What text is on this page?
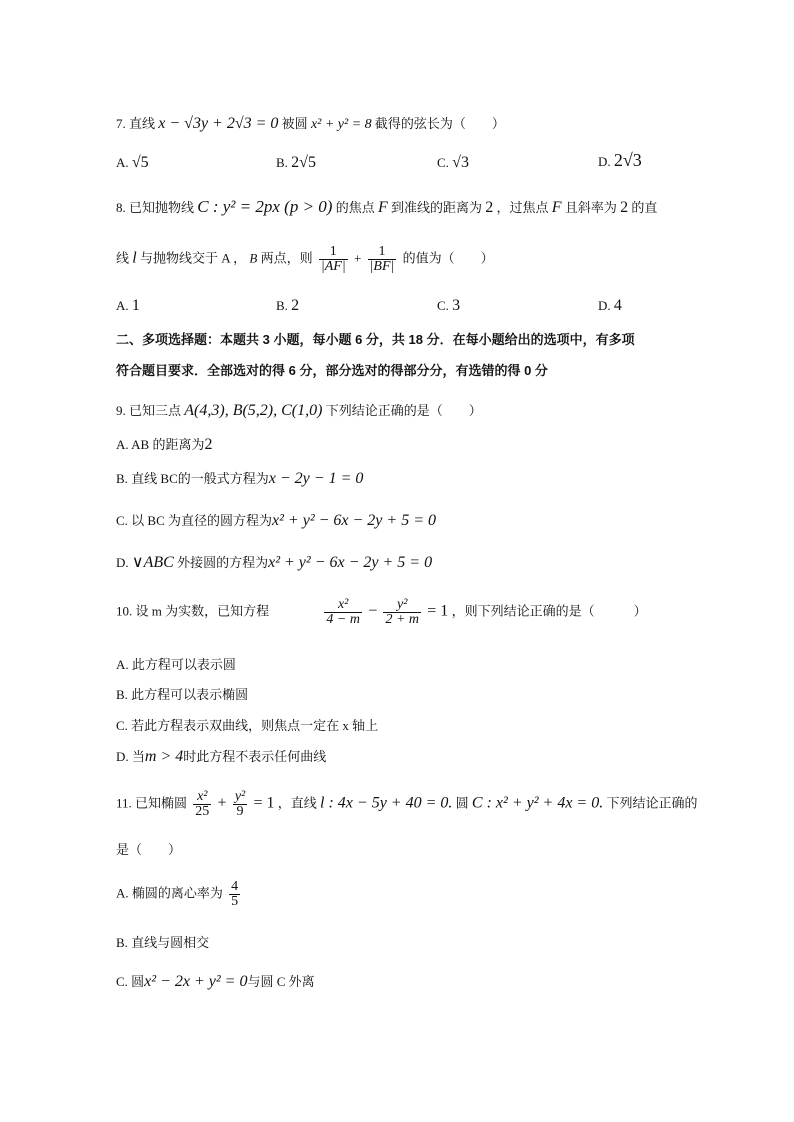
7. 直线 x − √3y + 2√3 = 0 被圆 x² + y² = 8 截得的弦长为（　　）
A. √5	B. 2√5	C. √3	D. 2√3
8. 已知抛物线 C : y² = 2px (p > 0) 的焦点 F 到准线的距离为 2 ，过焦点 F 且斜率为 2 的直
线 l 与抛物线交于 A ， B 两点，则 $\frac{1}{|AF|} + \frac{1}{|BF|}$ 的值为（　　）
A. 1	B. 2	C. 3	D. 4
二、多项选择题：本题共 3 小题，每小题 6 分，共 18 分．在每小题给出的选项中，有多项
符合题目要求．全部选对的得 6 分，部分选对的得部分分，有选错的得 0 分
9. 已知三点 A(4,3), B(5,2), C(1,0) 下列结论正确的是（　　）
A. AB 的距离为2
B. 直线 BC的一般式方程为x − 2y − 1 = 0
C. 以 BC 为直径的圆方程为x² + y² − 6x − 2y + 5 = 0
D. ∨ABC 外接圆的方程为x² + y² − 6x − 2y + 5 = 0
10. 设 m 为实数，已知方程	$\frac{\text{x²}}{4 - m} - \frac{\text{y²}}{2 + m} = 1$ ，则下列结论正确的是（　　　）
A. 此方程可以表示圆
B. 此方程可以表示椭圆
C. 若此方程表示双曲线，则焦点一定在 x 轴上
D. 当m > 4时此方程不表示任何曲线
11. 已知椭圆 $\frac{\text{x²}}{25} + \frac{\text{y²}}{9} = 1$ ，直线 l : 4x − 5y + 40 = 0. 圆 C : x² + y² + 4x = 0. 下列结论正确的
是（　　）
A. 椭圆的离心率为 $\frac{4}{5}$
B. 直线与圆相交
C. 圆x² − 2x + y² = 0与圆 C 外离
